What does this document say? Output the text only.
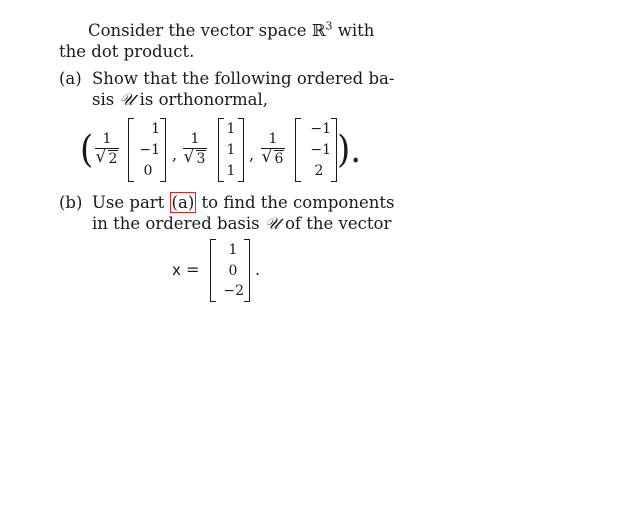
Consider the vector space ℝ$^3$ with
the dot product.
(a) Show that the following ordered ba-
sis 𝒰 is orthonormal,
( 1
√ 2
1
−1
0
,
1
√ 3
1
1
1
,
1
√ 6
−1
−1
2 ).
(b) Use part (a) to find the components
in the ordered basis 𝒰 of the vector
x =
1
0
−2
.
